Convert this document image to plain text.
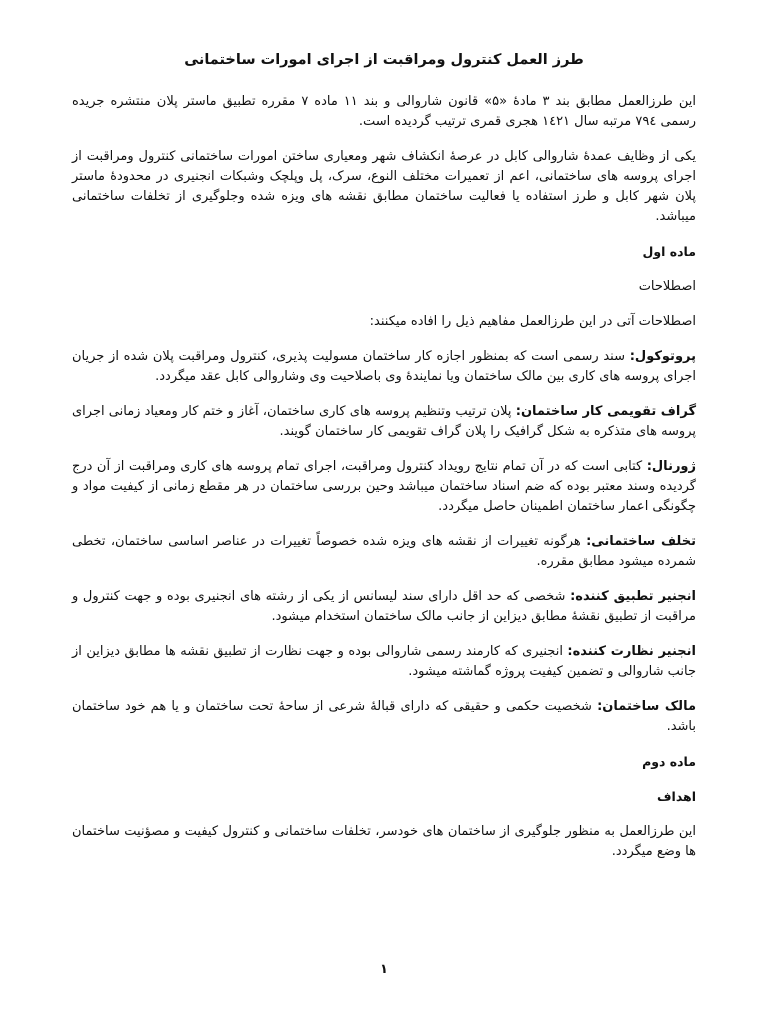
طرز العمل کنترول ومراقبت از اجرای امورات ساختمانی

این طرزالعمل مطابق بند ۳ مادهٔ «۵» قانون شاروالی و بند ۱۱ ماده ۷ مقرره تطبیق ماستر پلان منتشره جریده رسمی ۷۹٤ مرتبه سال ۱٤۲۱ هجری قمری ترتیب گردیده است.

یکی از وظایف عمدهٔ شاروالی کابل در عرصهٔ انکشاف شهر ومعیاری ساختن امورات ساختمانی کنترول ومراقبت از اجرای پروسه های ساختمانی، اعم از تعمیرات مختلف النوع، سرک، پل وپلچک وشبکات انجنیری در محدودهٔ ماستر پلان شهر کابل و طرز استفاده یا فعالیت ساختمان مطابق نقشه های ویزه شده وجلوگیری از تخلفات ساختمانی میباشد.

ماده اول
اصطلاحات

اصطلاحات آتی در این طرزالعمل مفاهیم ذیل را افاده میکنند:

پروتوکول: سند رسمی است که بمنظور اجازه کار ساختمان مسولیت پذیری، کنترول ومراقبت پلان شده از جریان اجرای پروسه های کاری بین مالک ساختمان ویا نمایندهٔ وی باصلاحیت وی وشاروالی کابل عقد میگردد.

گراف تقویمی کار ساختمان: پلان ترتیب وتنظیم پروسه های کاری ساختمان، آغاز و ختم کار ومعیاد زمانی اجرای پروسه های متذکره به شکل گرافیک را پلان گراف تقویمی کار ساختمان گویند.

ژورنال: کتابی است که در آن تمام نتایج رویداد کنترول ومراقبت، اجرای تمام پروسه های کاری ومراقبت از آن درج گردیده وسند معتبر بوده که ضم اسناد ساختمان میباشد وحین بررسی ساختمان در هر مقطع زمانی از کیفیت مواد و چگونگی اعمار ساختمان اطمینان حاصل میگردد.

تخلف ساختمانی: هرگونه تغییرات از نقشه های ویزه شده خصوصاً تغییرات در عناصر اساسی ساختمان، تخطی شمرده میشود مطابق مقرره.

انجنیر تطبیق کننده: شخصی که حد اقل دارای سند لیسانس از یکی از رشته های انجنیری بوده و جهت کنترول و مراقبت از تطبیق نقشهٔ مطابق دیزاین از جانب مالک ساختمان استخدام میشود.

انجنیر نظارت کننده: انجنیری که کارمند رسمی شاروالی بوده و جهت نظارت از تطبیق نقشه ها مطابق دیزاین از جانب شاروالی و تضمین کیفیت پروژه گماشته میشود.

مالک ساختمان: شخصیت حکمی و حقیقی که دارای قبالهٔ شرعی از ساحهٔ تحت ساختمان و یا هم خود ساختمان باشد.

ماده دوم
اهداف

این طرزالعمل به منظور جلوگیری از ساختمان های خودسر، تخلفات ساختمانی و کنترول کیفیت و مصؤنیت ساختمان ها وضع میگردد.

۱
